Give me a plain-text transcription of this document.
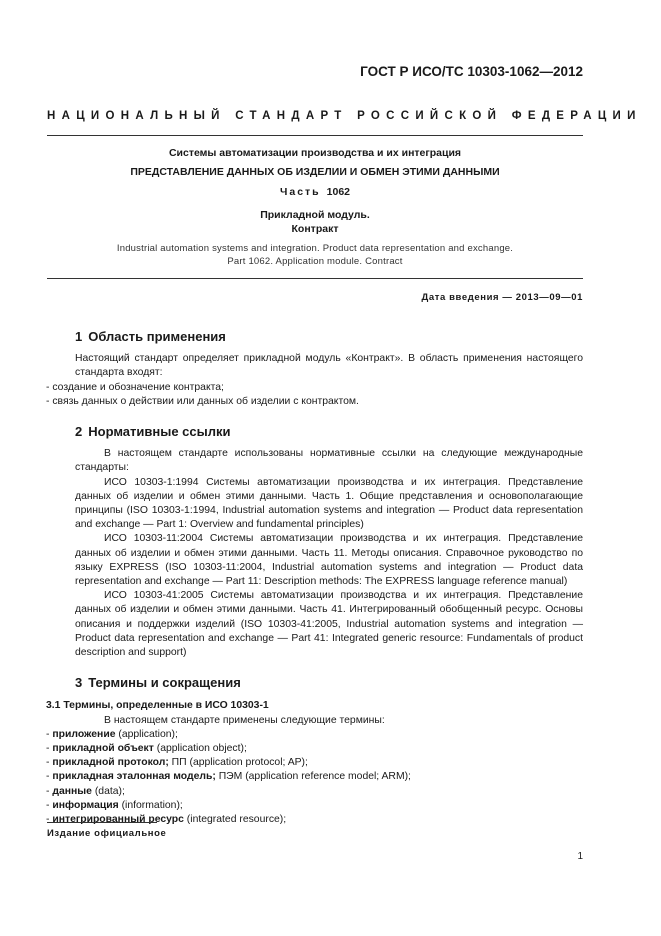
ГОСТ Р ИСО/ТС 10303-1062—2012
НАЦИОНАЛЬНЫЙ СТАНДАРТ РОССИЙСКОЙ ФЕДЕРАЦИИ
Системы автоматизации производства и их интеграция
ПРЕДСТАВЛЕНИЕ ДАННЫХ ОБ ИЗДЕЛИИ И ОБМЕН ЭТИМИ ДАННЫМИ
Часть 1062
Прикладной модуль.
Контракт
Industrial automation systems and integration. Product data representation and exchange.
Part 1062. Application module. Contract
Дата введения — 2013—09—01
1 Область применения

Настоящий стандарт определяет прикладной модуль «Контракт». В область применения настоящего стандарта входят:

- создание и обозначение контракта;
- связь данных о действии или данных об изделии с контрактом.
2 Нормативные ссылки

В настоящем стандарте использованы нормативные ссылки на следующие международные стандарты:

ИСО 10303-1:1994 Системы автоматизации производства и их интеграция. Представление данных об изделии и обмен этими данными. Часть 1. Общие представления и основополагающие принципы (ISO 10303-1:1994, Industrial automation systems and integration — Product data representation and exchange — Part 1: Overview and fundamental principles)

ИСО 10303-11:2004 Системы автоматизации производства и их интеграция. Представление данных об изделии и обмен этими данными. Часть 11. Методы описания. Справочное руководство по языку EXPRESS (ISO 10303-11:2004, Industrial automation systems and integration — Product data representation and exchange — Part 11: Description methods: The EXPRESS language reference manual)

ИСО 10303-41:2005 Системы автоматизации производства и их интеграция. Представление данных об изделии и обмен этими данными. Часть 41. Интегрированный обобщенный ресурс. Основы описания и поддержки изделий (ISO 10303-41:2005, Industrial automation systems and integration — Product data representation and exchange — Part 41: Integrated generic resource: Fundamentals of product description and support)

3 Термины и сокращения
3.1 Термины, определенные в ИСО 10303-1

В настоящем стандарте применены следующие термины:

- приложение (application);
- прикладной объект (application object);
- прикладной протокол; ПП (application protocol; AP);
- прикладная эталонная модель; ПЭМ (application reference model; ARM);
- данные (data);
- информация (information);
- интегрированный ресурс (integrated resource);
Издание официальное
1
